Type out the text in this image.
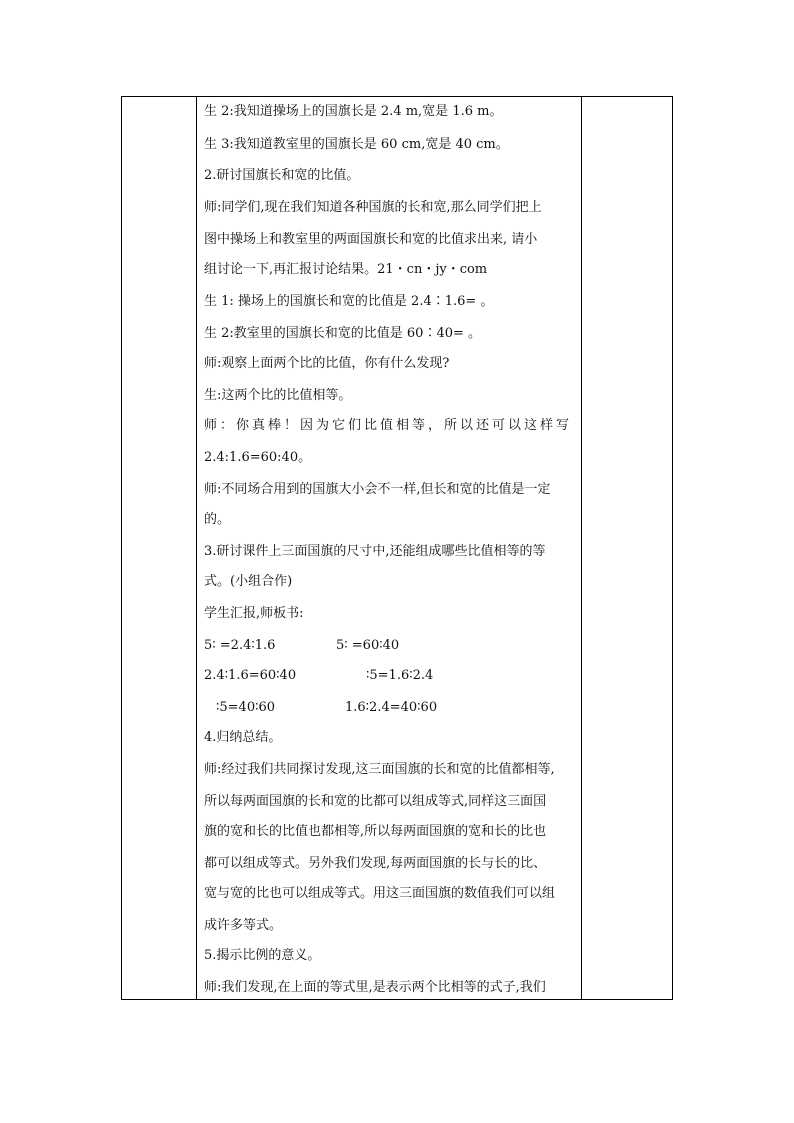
生 2:我知道操场上的国旗长是 2.4 m,宽是 1.6 m。
生 3:我知道教室里的国旗长是 60 cm,宽是 40 cm。
2.研讨国旗长和宽的比值。
师:同学们,现在我们知道各种国旗的长和宽,那么同学们把上
图中操场上和教室里的两面国旗长和宽的比值求出来, 请小
组讨论一下,再汇报讨论结果。21・cn・jy・com
生 1: 操场上的国旗长和宽的比值是 2.4∶1.6= 。
生 2:教室里的国旗长和宽的比值是 60∶40= 。
师:观察上面两个比的比值，你有什么发现?
生:这两个比的比值相等。
师：你真棒！因为它们比值相等，所以还可以这样写
2.4:1.6=60:40。
师:不同场合用到的国旗大小会不一样,但长和宽的比值是一定
的。
3.研讨课件上三面国旗的尺寸中,还能组成哪些比值相等的等
式。(小组合作)
学生汇报,师板书:
5∶ =2.4∶1.6	5∶ =60∶40
2.4∶1.6=60∶40	∶5=1.6∶2.4
∶5=40∶60	1.6∶2.4=40∶60
4.归纳总结。
师:经过我们共同探讨发现,这三面国旗的长和宽的比值都相等,
所以每两面国旗的长和宽的比都可以组成等式,同样这三面国
旗的宽和长的比值也都相等,所以每两面国旗的宽和长的比也
都可以组成等式。另外我们发现,每两面国旗的长与长的比、
宽与宽的比也可以组成等式。用这三面国旗的数值我们可以组
成许多等式。
5.揭示比例的意义。
师:我们发现,在上面的等式里,是表示两个比相等的式子,我们
